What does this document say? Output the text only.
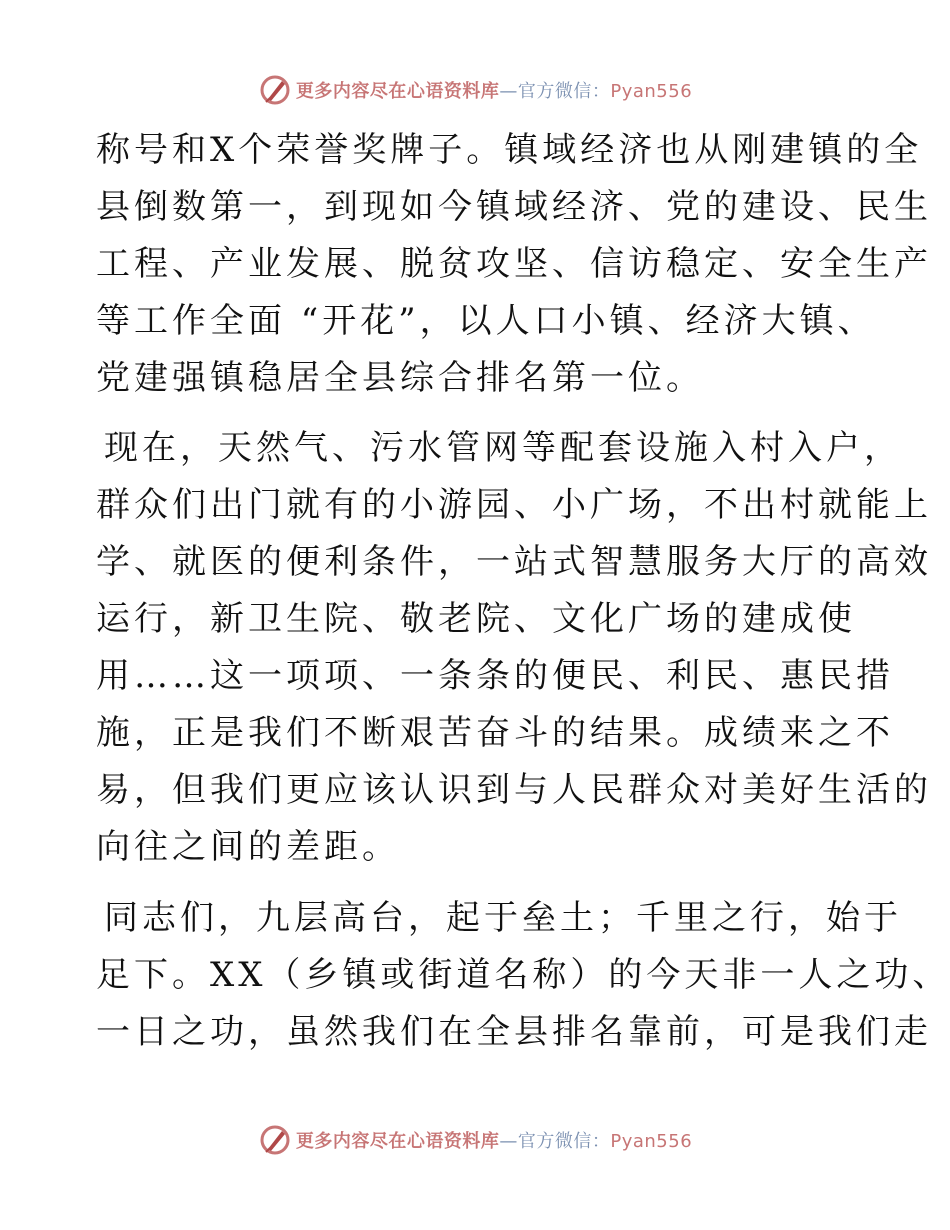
更多内容尽在心语资料库—官方微信：Pyan556

称号和X个荣誉奖牌子。镇域经济也从刚建镇的全
县倒数第一，到现如今镇域经济、党的建设、民生
工程、产业发展、脱贫攻坚、信访稳定、安全生产
等工作全面 “开花”，以人口小镇、经济大镇、
党建强镇稳居全县综合排名第一位。

现在，天然气、污水管网等配套设施入村入户，
群众们出门就有的小游园、小广场，不出村就能上
学、就医的便利条件，一站式智慧服务大厅的高效
运行，新卫生院、敬老院、文化广场的建成使
用……这一项项、一条条的便民、利民、惠民措
施，正是我们不断艰苦奋斗的结果。成绩来之不
易，但我们更应该认识到与人民群众对美好生活的
向往之间的差距。

同志们，九层高台，起于垒土；千里之行，始于
足下。XX（乡镇或街道名称）的今天非一人之功、
一日之功，虽然我们在全县排名靠前，可是我们走

更多内容尽在心语资料库—官方微信：Pyan556
